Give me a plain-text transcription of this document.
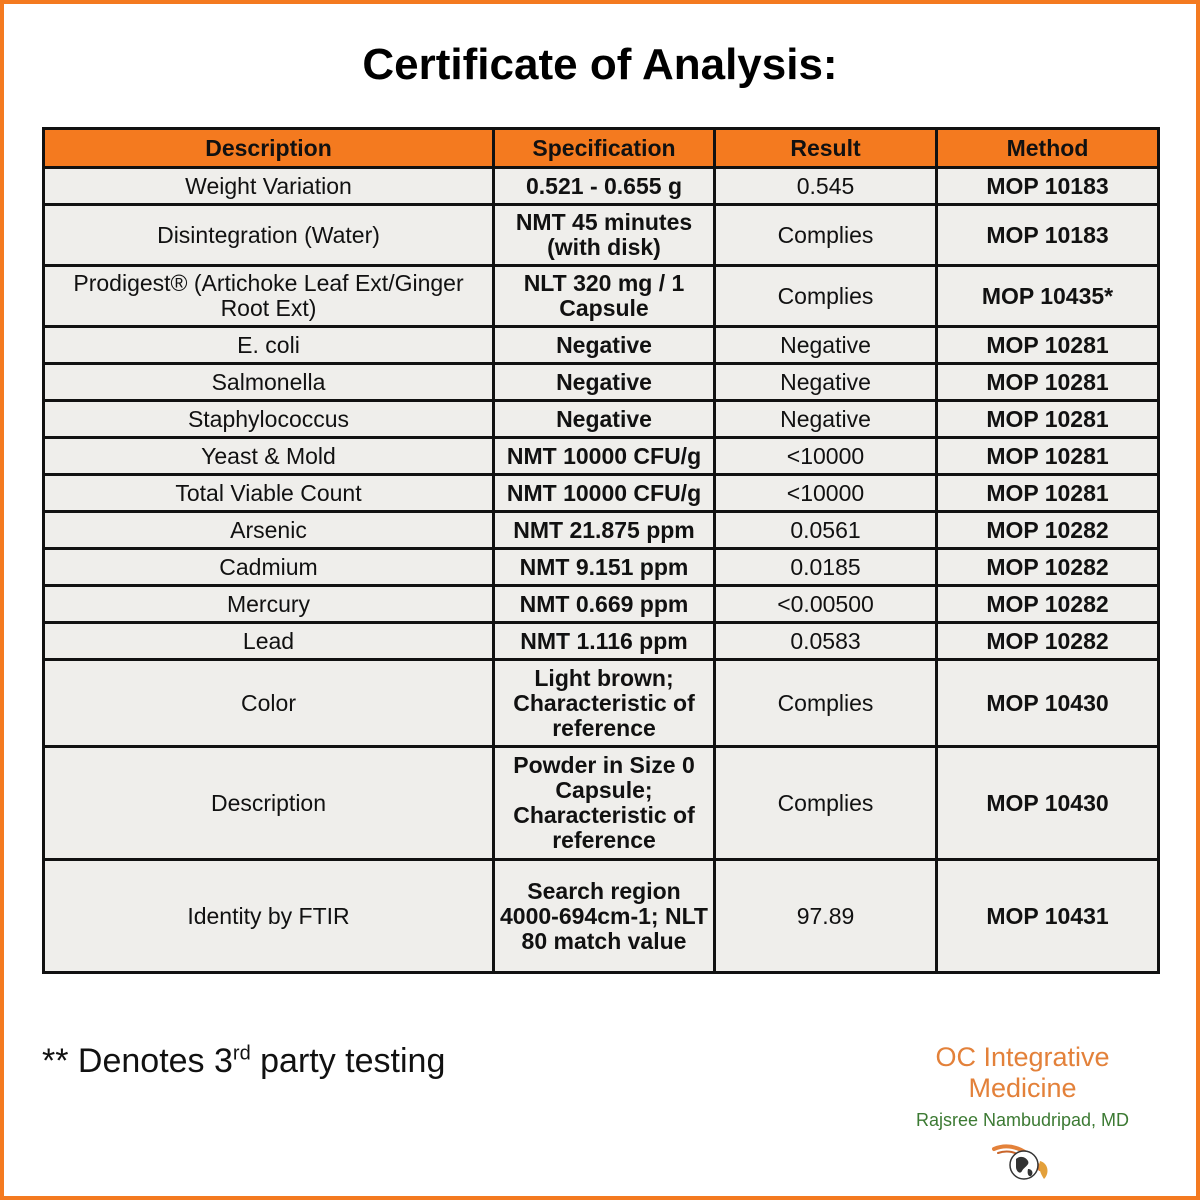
Certificate of Analysis:
Description	Specification	Result	Method
Weight Variation	0.521 - 0.655 g	0.545	MOP 10183
Disintegration (Water)	NMT 45 minutes (with disk)	Complies	MOP 10183
Prodigest® (Artichoke Leaf Ext/Ginger Root Ext)	NLT 320 mg / 1 Capsule	Complies	MOP 10435*
E. coli	Negative	Negative	MOP 10281
Salmonella	Negative	Negative	MOP 10281
Staphylococcus	Negative	Negative	MOP 10281
Yeast & Mold	NMT 10000 CFU/g	<10000	MOP 10281
Total Viable Count	NMT 10000 CFU/g	<10000	MOP 10281
Arsenic	NMT 21.875 ppm	0.0561	MOP 10282
Cadmium	NMT 9.151 ppm	0.0185	MOP 10282
Mercury	NMT 0.669 ppm	<0.00500	MOP 10282
Lead	NMT 1.116 ppm	0.0583	MOP 10282
Color	Light brown; Characteristic of reference	Complies	MOP 10430
Description	Powder in Size 0 Capsule; Characteristic of reference	Complies	MOP 10430
Identity by FTIR	Search region 4000-694cm-1; NLT 80 match value	97.89	MOP 10431
** Denotes 3rd party testing	OC Integrative Medicine
Rajsree Nambudripad, MD
